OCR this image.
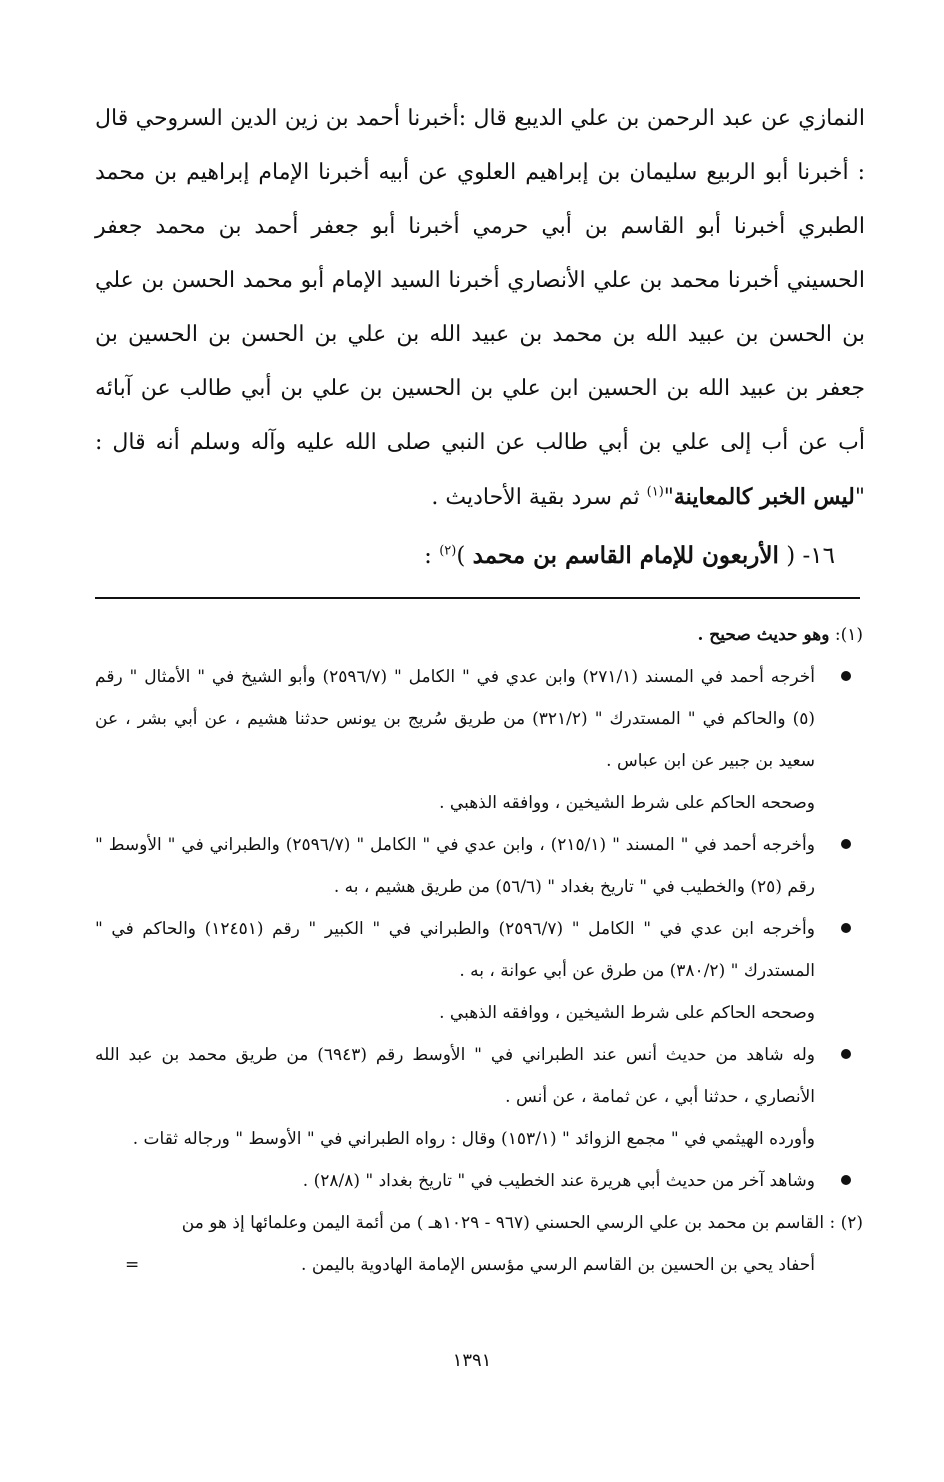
النمازي عن عبد الرحمن بن علي الديبع قال :أخبرنا أحمد بن زين الدين السروحي قال : أخبرنا أبو الربيع سليمان بن إبراهيم العلوي عن أبيه أخبرنا الإمام إبراهيم بن محمد الطبري أخبرنا أبو القاسم بن أبي حرمي أخبرنا أبو جعفر أحمد بن محمد جعفر الحسيني أخبرنا محمد بن علي الأنصاري أخبرنا السيد الإمام أبو محمد الحسن بن علي بن الحسن بن عبيد الله بن محمد بن عبيد الله بن علي بن الحسن بن الحسين بن جعفر بن عبيد الله بن الحسين ابن علي بن الحسين بن علي بن أبي طالب عن آبائه أب عن أب إلى علي بن أبي طالب عن النبي صلى الله عليه وآله وسلم أنه قال : "ليس الخبر كالمعاينة"$^{(١)}$ ثم سرد بقية الأحاديث .

١٦- ( الأربعون للإمام القاسم بن محمد )$^{(٢)}$ :

(١): وهو حديث صحيح .

أخرجه أحمد في المسند (٢٧١/١) وابن عدي في " الكامل " (٢٥٩٦/٧) وأبو الشيخ في " الأمثال " رقم (٥) والحاكم في " المستدرك " (٣٢١/٢) من طريق سُريج بن يونس حدثنا هشيم ، عن أبي بشر ، عن سعيد بن جبير عن ابن عباس .

وصححه الحاكم على شرط الشيخين ، ووافقه الذهبي .

وأخرجه أحمد في " المسند " (٢١٥/١) ، وابن عدي في " الكامل " (٢٥٩٦/٧) والطبراني في " الأوسط " رقم (٢٥) والخطيب في " تاريخ بغداد " (٥٦/٦) من طريق هشيم ، به .

وأخرجه ابن عدي في " الكامل " (٢٥٩٦/٧) والطبراني في " الكبير " رقم (١٢٤٥١) والحاكم في " المستدرك " (٣٨٠/٢) من طرق عن أبي عوانة ، به .

وصححه الحاكم على شرط الشيخين ، ووافقه الذهبي .

وله شاهد من حديث أنس عند الطبراني في " الأوسط رقم (٦٩٤٣) من طريق محمد بن عبد الله الأنصاري ، حدثنا أبي ، عن ثمامة ، عن أنس .

وأورده الهيثمي في " مجمع الزوائد " (١٥٣/١) وقال : رواه الطبراني في " الأوسط " ورجاله ثقات .

وشاهد آخر من حديث أبي هريرة عند الخطيب في " تاريخ بغداد " (٢٨/٨) .

(٢) : القاسم بن محمد بن علي الرسي الحسني (٩٦٧ - ١٠٢٩هـ ) من أئمة اليمن وعلمائها إذ هو من

أحفاد يحي بن الحسين بن القاسم الرسي مؤسس الإمامة الهادوية باليمن .
=

١٣٩١
